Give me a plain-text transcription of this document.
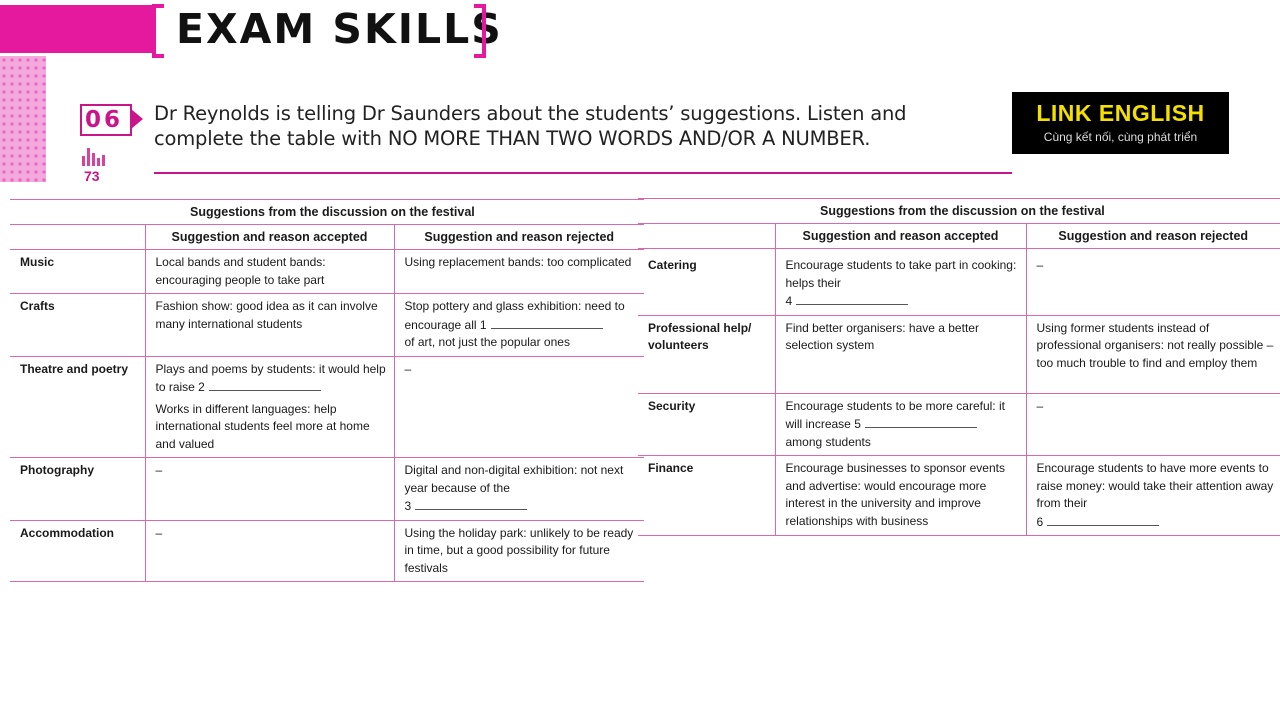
EXAM SKILLS
06
73
Dr Reynolds is telling Dr Saunders about the students’ suggestions. Listen and
complete the table with NO MORE THAN TWO WORDS AND/OR A NUMBER.
LINK ENGLISH
Cùng kết nối, cùng phát triển
Suggestions from the discussion on the festival		
	Suggestion and reason accepted	Suggestion and reason rejected
Music	Local bands and student bands: encouraging people to take part	Using replacement bands: too complicated
Crafts	Fashion show: good idea as it can involve many international students	Stop pottery and glass exhibition: need to encourage all 1
of art, not just the popular ones
Theatre and poetry	Plays and poems by students: it would help to raise 2
Works in different languages: help international students feel more at home and valued	–
Photography	–	Digital and non-digital exhibition: not next year because of the
3
Accommodation	–	Using the holiday park: unlikely to be ready in time, but a good possibility for future festivals
Suggestions from the discussion on the festival		
	Suggestion and reason accepted	Suggestion and reason rejected
Catering	Encourage students to take part in cooking: helps their
4	–
Professional help/ volunteers	Find better organisers: have a better selection system	Using former students instead of professional organisers: not really possible – too much trouble to find and employ them
Security	Encourage students to be more careful: it will increase 5
among students	–
Finance	Encourage businesses to sponsor events and advertise: would encourage more interest in the university and improve relationships with business	Encourage students to have more events to raise money: would take their attention away from their
6
